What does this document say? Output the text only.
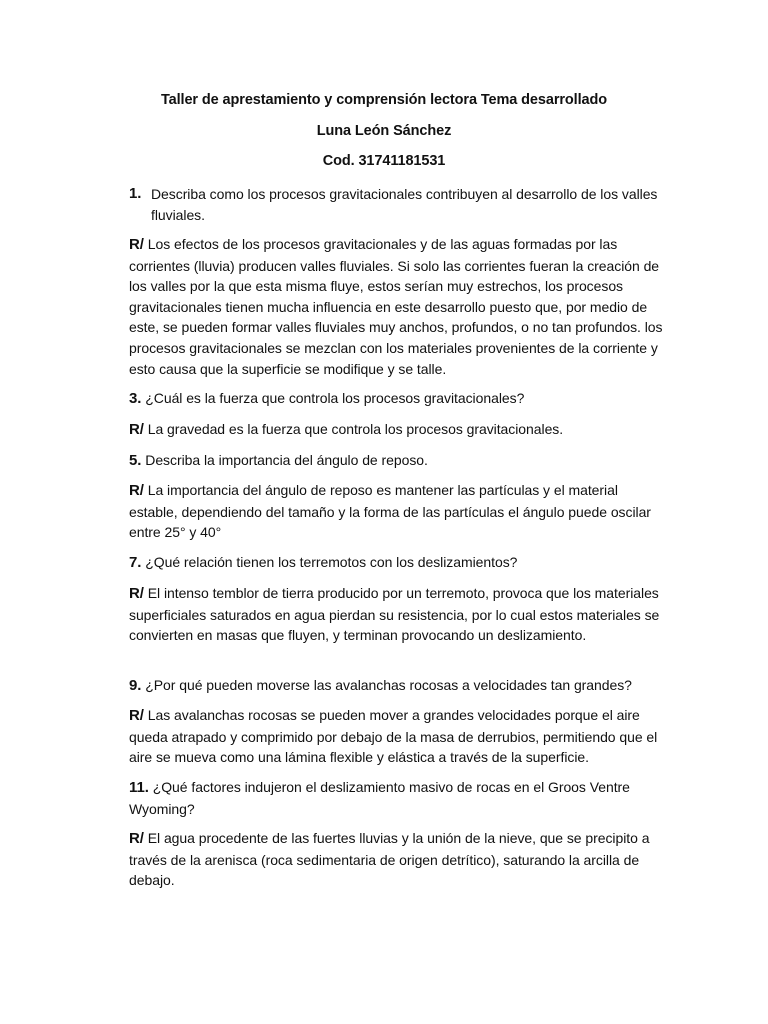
Taller de aprestamiento y comprensión lectora Tema desarrollado
Luna León Sánchez
Cod. 31741181531
1. Describa como los procesos gravitacionales contribuyen al desarrollo de los valles fluviales.
R/ Los efectos de los procesos gravitacionales y de las aguas formadas por las corrientes (lluvia) producen valles fluviales. Si solo las corrientes fueran la creación de los valles por la que esta misma fluye, estos serían muy estrechos, los procesos gravitacionales tienen mucha influencia en este desarrollo puesto que, por medio de este, se pueden formar valles fluviales muy anchos, profundos, o no tan profundos. los procesos gravitacionales se mezclan con los materiales provenientes de la corriente y esto causa que la superficie se modifique y se talle.
3. ¿Cuál es la fuerza que controla los procesos gravitacionales?
R/ La gravedad es la fuerza que controla los procesos gravitacionales.
5. Describa la importancia del ángulo de reposo.
R/ La importancia del ángulo de reposo es mantener las partículas y el material estable, dependiendo del tamaño y la forma de las partículas el ángulo puede oscilar entre 25° y 40°
7. ¿Qué relación tienen los terremotos con los deslizamientos?
R/ El intenso temblor de tierra producido por un terremoto, provoca que los materiales superficiales saturados en agua pierdan su resistencia, por lo cual estos materiales se convierten en masas que fluyen, y terminan provocando un deslizamiento.
9. ¿Por qué pueden moverse las avalanchas rocosas a velocidades tan grandes?
R/ Las avalanchas rocosas se pueden mover a grandes velocidades porque el aire queda atrapado y comprimido por debajo de la masa de derrubios, permitiendo que el aire se mueva como una lámina flexible y elástica a través de la superficie.
11. ¿Qué factores indujeron el deslizamiento masivo de rocas en el Groos Ventre Wyoming?
R/ El agua procedente de las fuertes lluvias y la unión de la nieve, que se precipito a través de la arenisca (roca sedimentaria de origen detrítico), saturando la arcilla de debajo.
